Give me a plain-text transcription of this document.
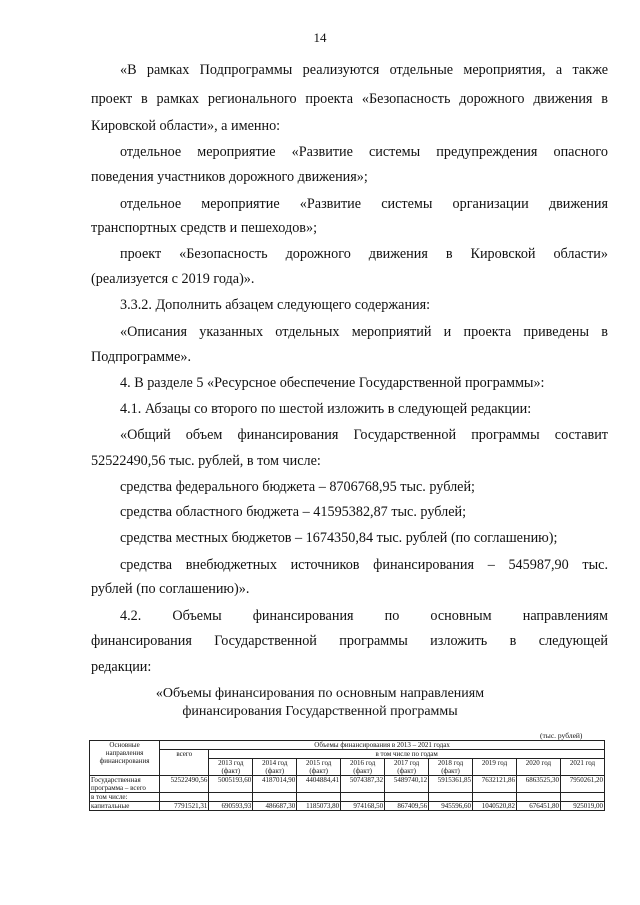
14
«В рамках Подпрограммы реализуются отдельные мероприятия, а также
проект в рамках регионального проекта «Безопасность дорожного движения в
Кировской области», а именно:
отдельное мероприятие «Развитие системы предупреждения опасного
поведения участников дорожного движения»;
отдельное мероприятие «Развитие системы организации движения
транспортных средств и пешеходов»;
проект «Безопасность дорожного движения в Кировской области»
(реализуется с 2019 года)».
3.3.2. Дополнить абзацем следующего содержания:
«Описания указанных отдельных мероприятий и проекта приведены в
Подпрограмме».
4. В разделе 5 «Ресурсное обеспечение Государственной программы»:
4.1. Абзацы со второго по шестой изложить в следующей редакции:
«Общий объем финансирования Государственной программы составит
52522490,56 тыс. рублей, в том числе:
средства федерального бюджета – 8706768,95 тыс. рублей;
средства областного бюджета – 41595382,87 тыс. рублей;
средства местных бюджетов – 1674350,84 тыс. рублей (по соглашению);
средства внебюджетных источников финансирования – 545987,90 тыс.
рублей (по соглашению)».
4.2. Объемы финансирования по основным направлениям
финансирования Государственной программы изложить в следующей
редакции:
«Объемы финансирования по основным направлениям
финансирования Государственной программы
(тыс. рублей)
Основные направления финансирования	Объемы финансирования в 2013 – 2021 годах									
	всего	в том числе по годам								
		2013 год (факт)	2014 год (факт)	2015 год (факт)	2016 год (факт)	2017 год (факт)	2018 год (факт)	2019 год	2020 год	2021 год
Государственная программа – всего	52522490,56	5005193,60	4187014,90	4404884,41	5074387,32	5489740,12	5915361,85	7632121,86	6863525,30	7950261,20
в том числе:										
капитальные	7791521,31	690593,93	486687,30	1185073,80	974168,50	867409,56	945596,60	1040520,82	676451,80	925019,00
